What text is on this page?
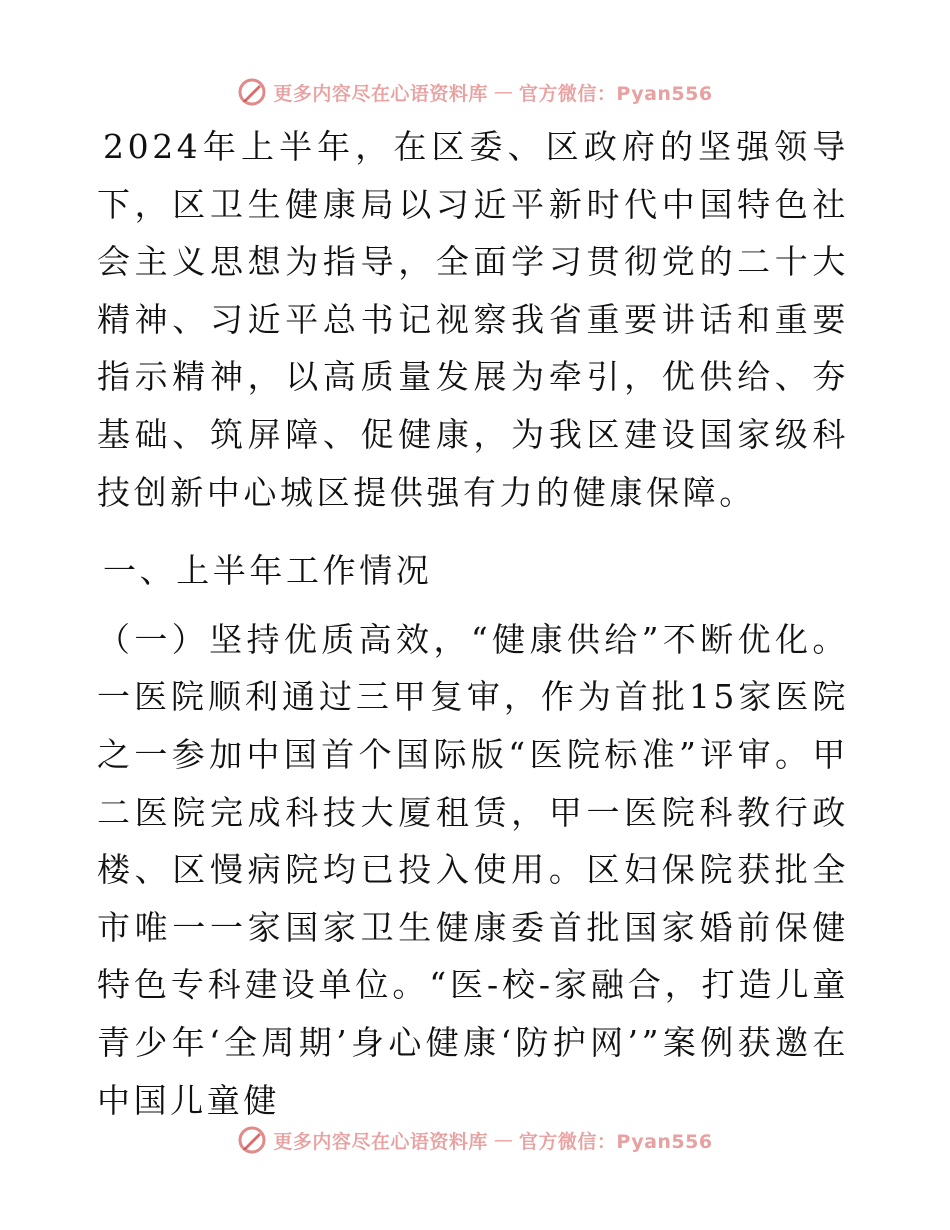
更多内容尽在心语资料库 — 官方微信：Pyan556

2024年上半年，在区委、区政府的坚强领导下，区卫生健康局以习近平新时代中国特色社会主义思想为指导，全面学习贯彻党的二十大精神、习近平总书记视察我省重要讲话和重要指示精神，以高质量发展为牵引，优供给、夯基础、筑屏障、促健康，为我区建设国家级科技创新中心城区提供强有力的健康保障。

一、上半年工作情况

（一）坚持优质高效，“健康供给”不断优化。一医院顺利通过三甲复审，作为首批15家医院之一参加中国首个国际版“医院标准”评审。甲二医院完成科技大厦租赁，甲一医院科教行政楼、区慢病院均已投入使用。区妇保院获批全市唯一一家国家卫生健康委首批国家婚前保健特色专科建设单位。“医-校-家融合，打造儿童青少年‘全周期’身心健康‘防护网’”案例获邀在中国儿童健

更多内容尽在心语资料库 — 官方微信：Pyan556
